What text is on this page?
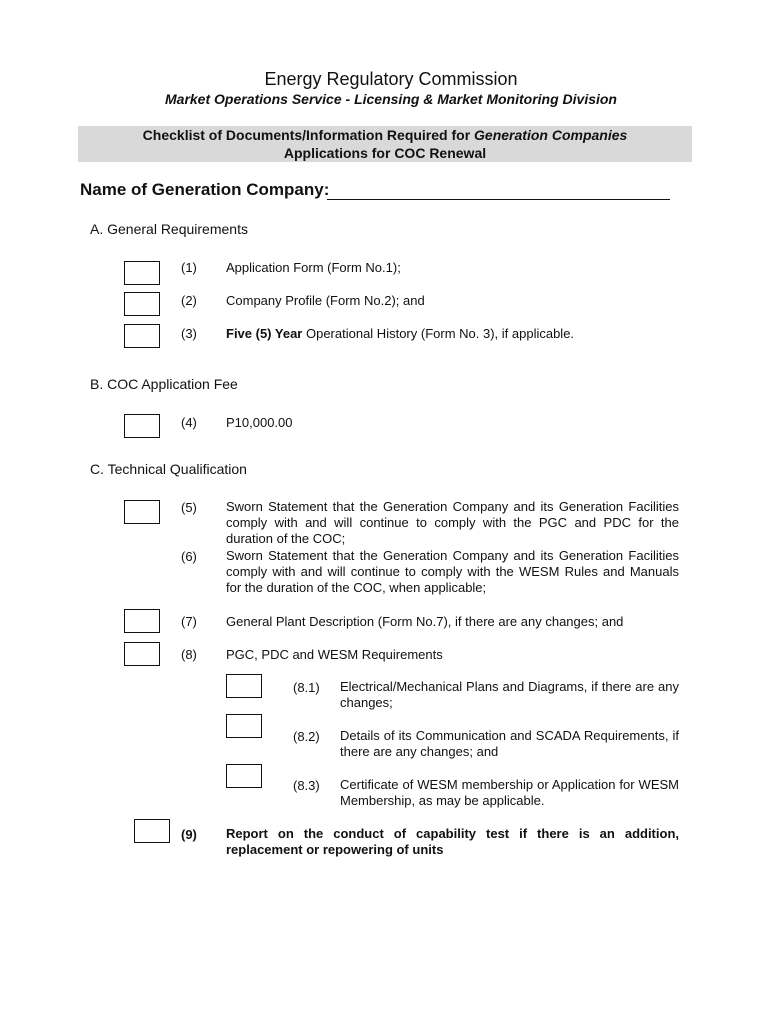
Energy Regulatory Commission
Market Operations Service - Licensing & Market Monitoring Division
Checklist of Documents/Information Required for Generation Companies
Applications for COC Renewal
Name of Generation Company:
A. General Requirements
(1) Application Form (Form No.1);
(2) Company Profile (Form No.2); and
(3) Five (5) Year Operational History (Form No. 3), if applicable.
B. COC Application Fee
(4) P10,000.00
C. Technical Qualification
(5) Sworn Statement that the Generation Company and its Generation Facilities comply with and will continue to comply with the PGC and PDC for the duration of the COC;
(6) Sworn Statement that the Generation Company and its Generation Facilities comply with and will continue to comply with the WESM Rules and Manuals for the duration of the COC, when applicable;
(7) General Plant Description (Form No.7), if there are any changes; and
(8) PGC, PDC and WESM Requirements
(8.1) Electrical/Mechanical Plans and Diagrams, if there are any changes;
(8.2) Details of its Communication and SCADA Requirements, if there are any changes; and
(8.3) Certificate of WESM membership or Application for WESM Membership, as may be applicable.
(9) Report on the conduct of capability test if there is an addition, replacement or repowering of units
